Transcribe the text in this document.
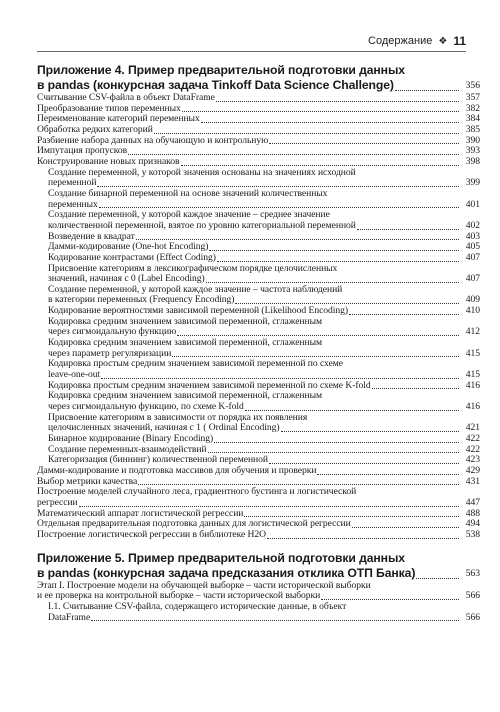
Содержание ❖ 11
Приложение 4. Пример предварительной подготовки данных
в pandas (конкурсная задача Tinkoff Data Science Challenge)	356
Считывание CSV-файла в объект DataFrame	357
Преобразование типов переменных	382
Переименование категорий переменных	384
Обработка редких категорий	385
Разбиение набора данных на обучающую и контрольную	390
Импутация пропусков	393
Конструирование новых признаков	398
Создание переменной, у которой значения основаны на значениях исходной
переменной	399
Создание бинарной переменной на основе значений количественных
переменных	401
Создание переменной, у которой каждое значение – среднее значение
количественной переменной, взятое по уровню категориальной переменной	402
Возведение в квадрат	403
Дамми-кодирование (One-hot Encoding)	405
Кодирование контрастами (Effect Coding)	407
Присвоение категориям в лексикографическом порядке целочисленных
значений, начиная с 0 (Label Encoding)	407
Создание переменной, у которой каждое значение – частота наблюдений
в категории переменных (Frequency Encoding)	409
Кодирование вероятностями зависимой переменной (Likelihood Encoding)	410
Кодировка средним значением зависимой переменной, сглаженным
через сигмоидальную функцию	412
Кодировка средним значением зависимой переменной, сглаженным
через параметр регуляризации	415
Кодировка простым средним значением зависимой переменной по схеме
leave-one-out	415
Кодировка простым средним значением зависимой переменной по схеме K-fold	416
Кодировка средним значением зависимой переменной, сглаженным
через сигмоидальную функцию, по схеме K-fold	416
Присвоение категориям в зависимости от порядка их появления
целочисленных значений, начиная с 1 ( Ordinal Encoding)	421
Бинарное кодирование (Binary Encoding)	422
Создание переменных-взаимодействий	422
Категоризация (биннинг) количественной переменной	423
Дамми-кодирование и подготовка массивов для обучения и проверки	429
Выбор метрики качества	431
Построение моделей случайного леса, градиентного бустинга и логистической
регрессии	447
Математический аппарат логистической регрессии	488
Отдельная предварительная подготовка данных для логистической регрессии	494
Построение логистической регрессии в библиотеке H2O	538
Приложение 5. Пример предварительной подготовки данных
в pandas (конкурсная задача предсказания отклика ОТП Банка)	563
Этап I. Построение модели на обучающей выборке – части исторической выборки
и ее проверка на контрольной выборке – части исторической выборки	566
I.1. Считывание CSV-файла, содержащего исторические данные, в объект
DataFrame	566
